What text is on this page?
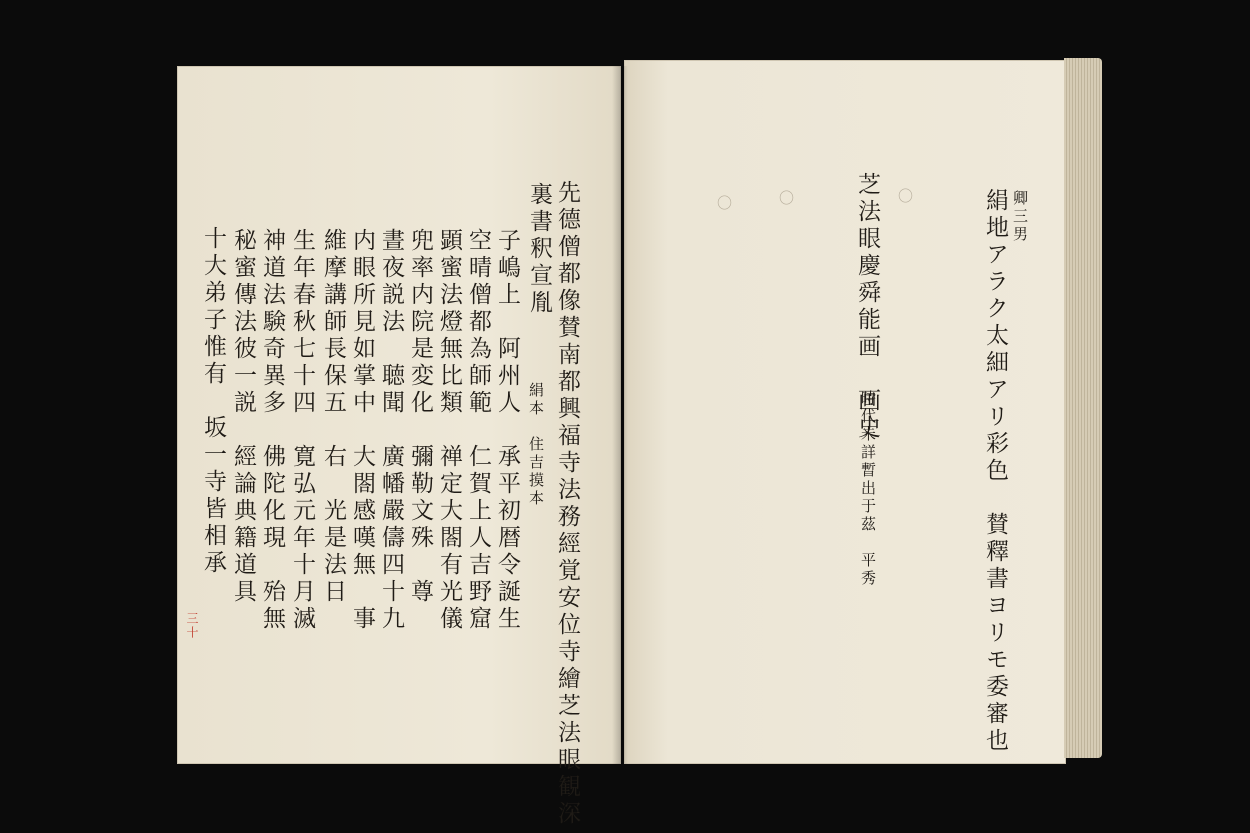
先德僧都像賛南都興福寺法務經覚安位寺繪芝法眼観深
裏書釈宣胤
絹本　住吉摸本
子嶋上　阿州人　承平初暦令誕生
空晴僧都為師範　仁賀上人吉野窟
顕蜜法燈無比類　禅定大閤有光儀
兜率内院是変化　彌勒文殊　尊
晝夜説法　聴聞　廣幡嚴儔四十九
内眼所見如掌中　大閤感嘆無　事
維摩講師長保五　右　光是法日
生年春秋七十四　寛弘元年十月滅
神道法験奇異多　佛陀化現　殆無
秘蜜傳法彼一説　經論典籍道具
十大弟子惟有　坂一寺皆相承
三十
卿三男
絹地アラク太細アリ彩色　賛釋書ヨリモ委審也
芝法眼慶舜能画　画史
時代未詳暫出于茲　平秀
〇
〇
〇
